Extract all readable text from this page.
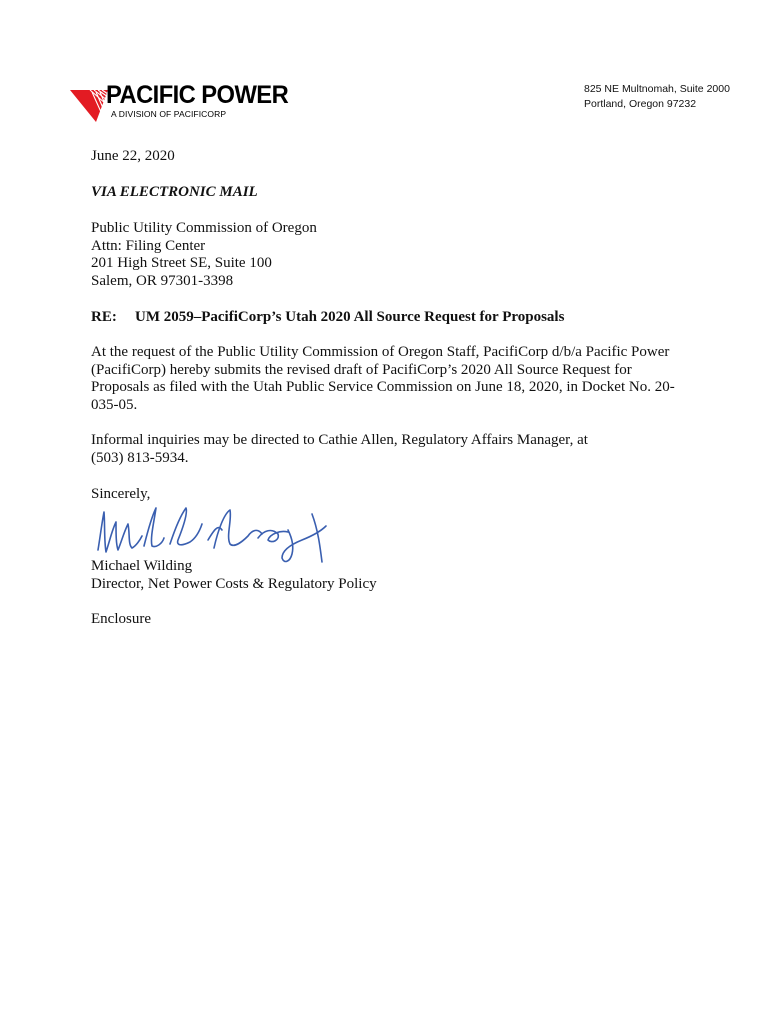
PACIFIC POWER
A DIVISION OF PACIFICORP
825 NE Multnomah, Suite 2000
Portland, Oregon 97232
June 22, 2020
VIA ELECTRONIC MAIL
Public Utility Commission of Oregon
Attn: Filing Center
201 High Street SE, Suite 100
Salem, OR 97301-3398
RE: UM 2059–PacifiCorp’s Utah 2020 All Source Request for Proposals
At the request of the Public Utility Commission of Oregon Staff, PacifiCorp d/b/a Pacific Power
(PacifiCorp) hereby submits the revised draft of PacifiCorp’s 2020 All Source Request for
Proposals as filed with the Utah Public Service Commission on June 18, 2020, in Docket No. 20-
035-05.
Informal inquiries may be directed to Cathie Allen, Regulatory Affairs Manager, at
(503) 813-5934.
Sincerely,
Michael Wilding
Director, Net Power Costs & Regulatory Policy
Enclosure
